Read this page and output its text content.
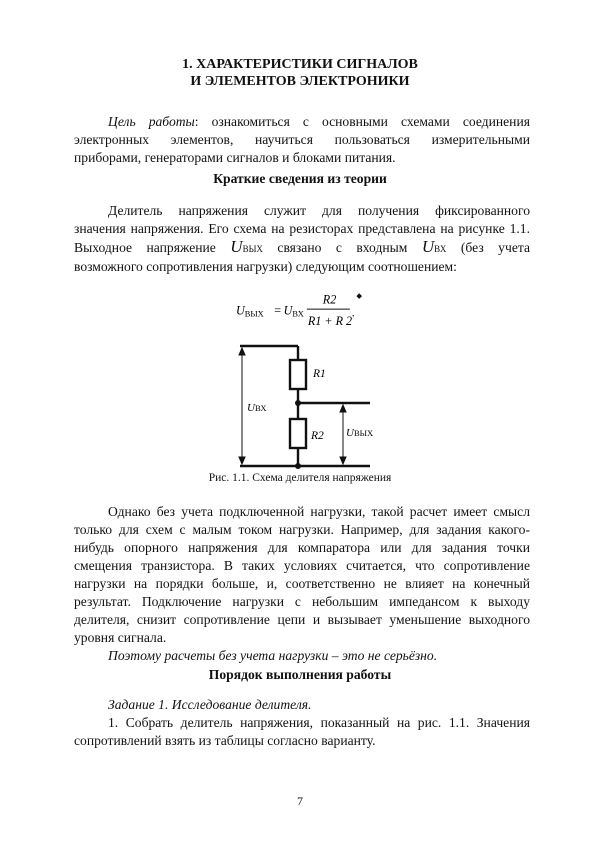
1. ХАРАКТЕРИСТИКИ СИГНАЛОВ
И ЭЛЕМЕНТОВ ЭЛЕКТРОНИКИ
Цель работы: ознакомиться с основными схемами соединения
электронных элементов, научиться пользоваться измерительными
приборами, генераторами сигналов и блоками питания.
Краткие сведения из теории
Делитель напряжения служит для получения фиксированного
значения напряжения. Его схема на резисторах представлена на рисунке 1.1.
Выходное напряжение UВЫХ связано с входным UВХ (без учета
возможного сопротивления нагрузки) следующим соотношением:
UВЫХ = UВХ
R2
R1 + R 2
.
R1
R2
UВХ
UВЫХ
Рис. 1.1. Схема делителя напряжения
Однако без учета подключенной нагрузки, такой расчет имеет смысл
только для схем с малым током нагрузки. Например, для задания какого-
нибудь опорного напряжения для компаратора или для задания точки
смещения транзистора. В таких условиях считается, что сопротивление
нагрузки на порядки больше, и, соответственно не влияет на конечный
результат. Подключение нагрузки с небольшим импедансом к выходу
делителя, снизит сопротивление цепи и вызывает уменьшение выходного
уровня сигнала.
Поэтому расчеты без учета нагрузки – это не серьёзно.
Порядок выполнения работы
Задание 1. Исследование делителя.
1. Собрать делитель напряжения, показанный на рис. 1.1. Значения
сопротивлений взять из таблицы согласно варианту.
7
